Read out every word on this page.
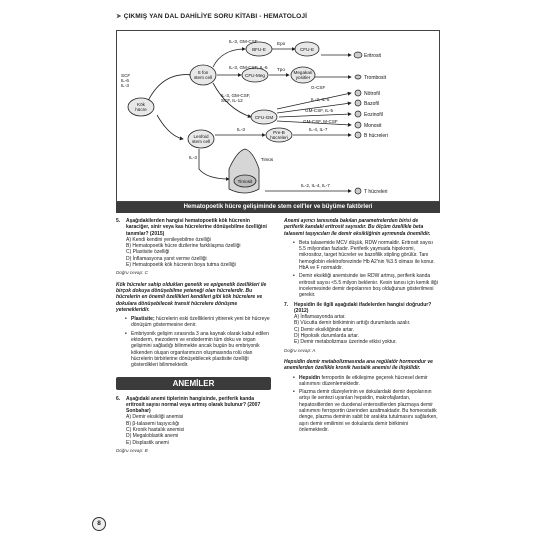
➤ ÇIKMIŞ YAN DAL DAHİLİYE SORU KİTABI - HEMATOLOJİ
Kök hücre
S fon stem cell
BFU-E	CFU-E
CFU-Meg
Megakari yositler
CFU-GM
Lenfoid stem cell
Pre-B hücreleri
Timosit
Timüs
IL-3, GM-CSF
IL-3, GM-CSF, IL-6
Epo
Tpo
IL-3, GM-CSF, SCF, IL-12
SCF IL-6 IL-3
IL-3
IL-3
IL-4, IL-7
IL-2, IL-4, IL-7
G-CSF
IL-3, IL-5
GM-CSF, IL-5
GM-CSF, M-CSF
Eritrosit
Trombosit
Nötrofil
Bazofil
Eozinofil
Monosit
B hücreleri
T hücreleri
Hematopoetik hücre gelişiminde stem cell'ler ve büyüme faktörleri
5.	Aşağıdakilerden hangisi hematopoetik kök hücrenin karaciğer, sinir veya kas hücrelerine dönüşebilme özelliğini tanımlar? (2015)
A) Kendi kendini yenileyebilme özelliği
B) Hematopoetik hücre dizilerine farklılaşma özelliği
C) Plastisite özelliği
D) İnflamasyona yanıt verme özelliği
E) Hematopoetik kök hücrenin boya tutma özelliği
Doğru cevap: C

Kök hücreler sahip oldukları genetik ve epigenetik özellikleri ile birçok dokuya dönüşebilme yeteneği olan hücrelerdir. Bu hücrelerin en önemli özellikleri kendileri gibi kök hücrelere ve dokulara dönüşebilecek transit hücrelere dönüşme yetenekleridir.

• Plastisite; hücrelerin eski özelliklerini yitirerek yeni bir hücreye dönüşüm göstermesine denir.
• Embriyonik gelişim sırasında 3 ana kaynak olarak kabul edilen ektoderm, mezoderm ve endodermin tüm doku ve organ gelişimini sağladığı bilinmekte ancak bugün bu embriyonik kökenden oluşan organlarımızın oluşmasında rolü olan hücrelerin birbirlerine dönüşebilecek plastisite özelliği gösterdikleri bilinmektedir.
ANEMİLER
6.	Aşağıdaki anemi tiplerinin hangisinde, periferik kanda eritrosit sayısı normal veya artmış olarak bulunur? (2007 Sonbahar)
A) Demir eksikliği anemisi
B) β-talasemi taşıyıcılığı
C) Kronik hastalık anemisi
D) Megaloblastik anemi
E) Displastik anemi
Doğru cevap: B

Anemi ayırıcı tanısında bakılan parametrelerden birisi de periferik kandaki eritrosit sayısıdır. Bu ölçüm özellikle beta talasemi taşıyıcıları ile demir eksikliğinin ayrımında önemlidir.

• Beta talasemide MCV düşük, RDW normaldir. Eritrosit sayısı 5.5 milyondan fazladır. Periferik yaymada hipokromi, mikrositoz, target hücreler ve bazofilik stipling görülür. Tanı hemoglobin elektroforezinde Hb A2'nin %3.5 olması ile konur. HbA ve F normaldir.
• Demir eksikliği anemisinde ise RDW artmış, periferik kanda eritrosit sayısı <5.5 milyon bekleniır. Kesin tanısı için kemik iliği incelemesinde demir depolarının boş olduğunun gösterilmesi gerekir.
7.	Hepsidin ile ilgili aşağıdaki ifadelerden hangisi doğrudur? (2012)
A) İnflamasyonda artar.
B) Vücutta demir birikiminin arttığı durumlarda azalır.
C) Demir eksikliğinde artar.
D) Hipoksik durumlarda artar.
E) Demir metabolizması üzerinde etkisi yoktur.
Doğru cevap: A

Hepsidin demir metabolizmasında ana regülatör hormondur ve anemilerden özellikle kronik hastalık anemisi ile ilişkilidir.

• Hepsidin ferroportin ile etkileşime geçerek hücresel demir salınımını düzenlemektedir.
• Plazma demir düzeylerinin ve dokulardaki demir depolarının artışı ile sentezi uyarılan hepsidin, makrofajlardan, hepatositlerden ve duodenal enterositlerden plazmaya demir salınımını ferroportin üzerinden azaltmaktadır. Bu homeostatik denge, plazma deminin sabit bir aralıkta tutulmasını sağlarken, aşırı demir emilimini ve dokularda demir birikimini önlemektedir.
8
